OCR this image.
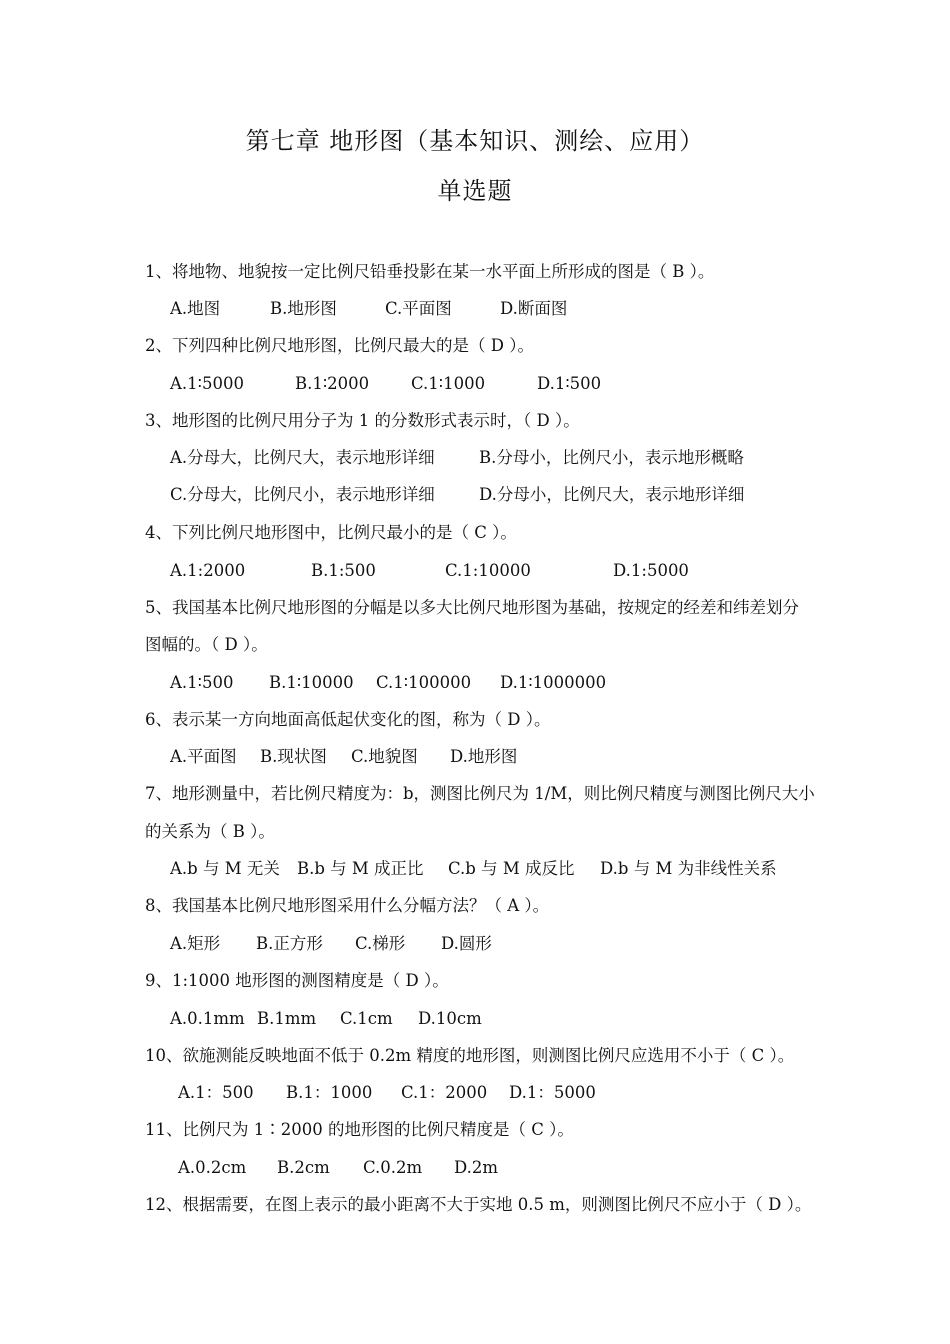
第七章 地形图（基本知识、测绘、应用）
单选题
1、将地物、地貌按一定比例尺铅垂投影在某一水平面上所形成的图是（ B ）。
A.地图	B.地形图	C.平面图	D.断面图
2、下列四种比例尺地形图，比例尺最大的是（ D ）。
A.1∶5000	B.1∶2000	C.1∶1000	D.1∶500
3、地形图的比例尺用分子为 1 的分数形式表示时，（ D ）。
A.分母大，比例尺大，表示地形详细	B.分母小，比例尺小，表示地形概略
C.分母大，比例尺小，表示地形详细	D.分母小，比例尺大，表示地形详细
4、下列比例尺地形图中，比例尺最小的是（ C ）。
A.1:2000	B.1:500	C.1:10000	D.1:5000
5、我国基本比例尺地形图的分幅是以多大比例尺地形图为基础，按规定的经差和纬差划分
图幅的。（ D ）。
A.1∶500 B.1∶10000 C.1∶100000 D.1∶1000000
6、表示某一方向地面高低起伏变化的图，称为（ D ）。
A.平面图 B.现状图 C.地貌图 D.地形图
7、地形测量中，若比例尺精度为：b，测图比例尺为 1/M，则比例尺精度与测图比例尺大小
的关系为（ B ）。
A.b 与 M 无关 B.b 与 M 成正比 C.b 与 M 成反比 D.b 与 M 为非线性关系
8、我国基本比例尺地形图采用什么分幅方法？（ A ）。
A.矩形 B.正方形 C.梯形 D.圆形
9、1:1000 地形图的测图精度是（ D ）。
A.0.1mm B.1mm C.1cm D.10cm
10、欲施测能反映地面不低于 0.2m 精度的地形图，则测图比例尺应选用不小于（ C ）。
A.1：500 B.1：1000 C.1：2000 D.1：5000
11、比例尺为 1∶2000 的地形图的比例尺精度是（ C ）。
A.0.2cm B.2cm C.0.2m D.2m
12、根据需要，在图上表示的最小距离不大于实地 0.5 m，则测图比例尺不应小于（ D ）。
